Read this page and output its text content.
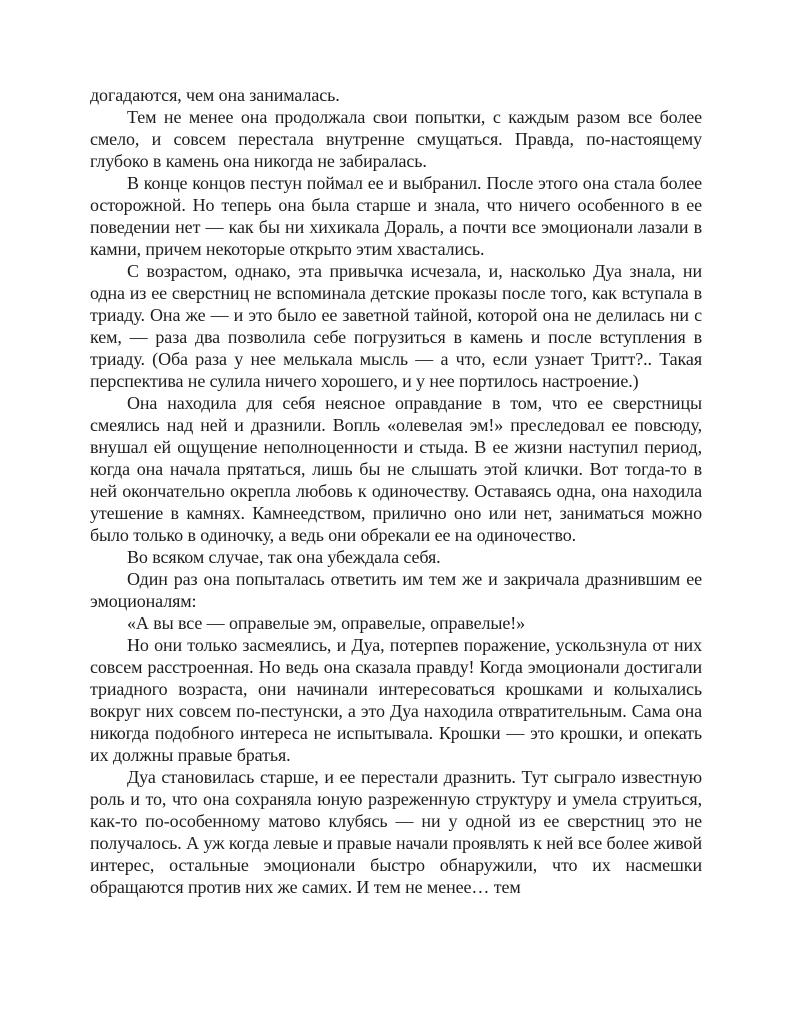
догадаются, чем она занималась.

Тем не менее она продолжала свои попытки, с каждым разом все более смело, и совсем перестала внутренне смущаться. Правда, по-настоящему глубоко в камень она никогда не забиралась.

В конце концов пестун поймал ее и выбранил. После этого она стала более осторожной. Но теперь она была старше и знала, что ничего особенного в ее поведении нет — как бы ни хихикала Дораль, а почти все эмоционали лазали в камни, причем некоторые открыто этим хвастались.

С возрастом, однако, эта привычка исчезала, и, насколько Дуа знала, ни одна из ее сверстниц не вспоминала детские проказы после того, как вступала в триаду. Она же — и это было ее заветной тайной, которой она не делилась ни с кем, — раза два позволила себе погрузиться в камень и после вступления в триаду. (Оба раза у нее мелькала мысль — а что, если узнает Тритт?.. Такая перспектива не сулила ничего хорошего, и у нее портилось настроение.)

Она находила для себя неясное оправдание в том, что ее сверстницы смеялись над ней и дразнили. Вопль «олевелая эм!» преследовал ее повсюду, внушал ей ощущение неполноценности и стыда. В ее жизни наступил период, когда она начала прятаться, лишь бы не слышать этой клички. Вот тогда-то в ней окончательно окрепла любовь к одиночеству. Оставаясь одна, она находила утешение в камнях. Камнеедством, прилично оно или нет, заниматься можно было только в одиночку, а ведь они обрекали ее на одиночество.

Во всяком случае, так она убеждала себя.

Один раз она попыталась ответить им тем же и закричала дразнившим ее эмоционалям:

«А вы все — оправелые эм, оправелые, оправелые!»

Но они только засмеялись, и Дуа, потерпев поражение, ускользнула от них совсем расстроенная. Но ведь она сказала правду! Когда эмоционали достигали триадного возраста, они начинали интересоваться крошками и колыхались вокруг них совсем по-пестунски, а это Дуа находила отвратительным. Сама она никогда подобного интереса не испытывала. Крошки — это крошки, и опекать их должны правые братья.

Дуа становилась старше, и ее перестали дразнить. Тут сыграло известную роль и то, что она сохраняла юную разреженную структуру и умела струиться, как-то по-особенному матово клубясь — ни у одной из ее сверстниц это не получалось. А уж когда левые и правые начали проявлять к ней все более живой интерес, остальные эмоционали быстро обнаружили, что их насмешки обращаются против них же самих. И тем не менее… тем
